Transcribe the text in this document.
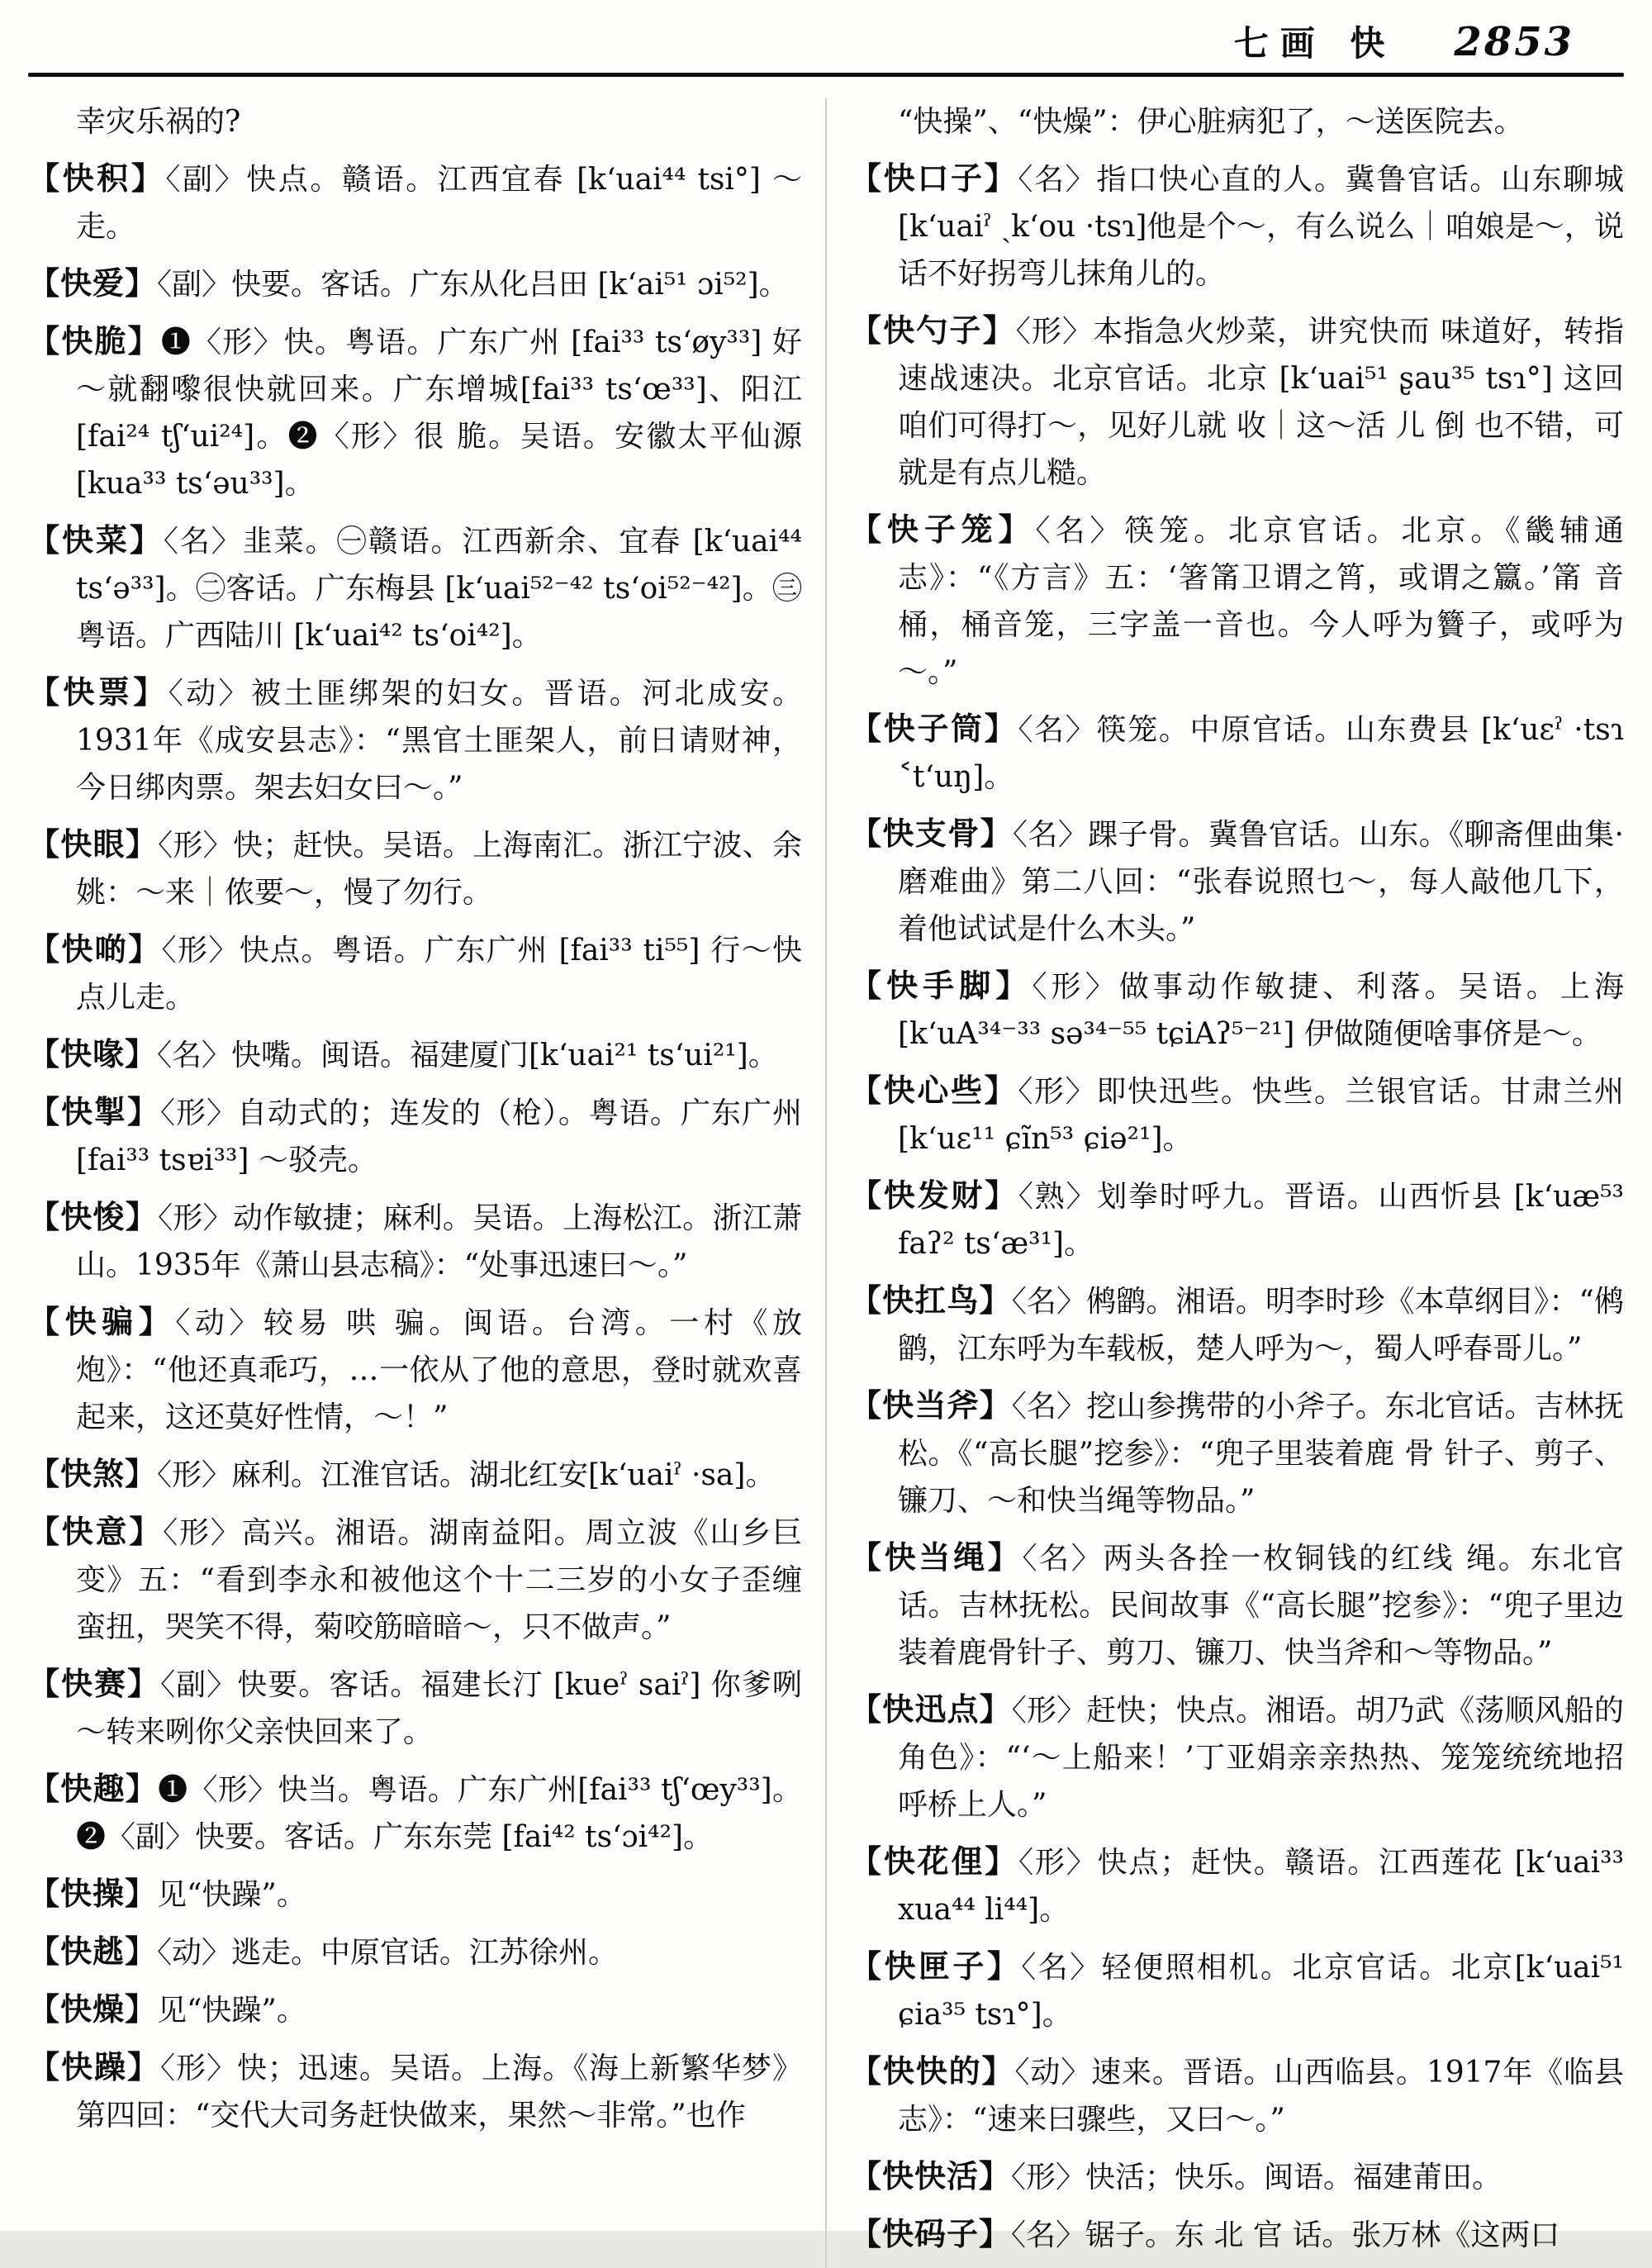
七画 快 2853
幸灾乐祸的?
【快积】〈副〉快点。赣语。江西宜春 [kʻuai⁴⁴ tsi°] ～走。
【快爱】〈副〉快要。客话。广东从化吕田 [kʻai⁵¹ ɔi⁵²]。
【快脆】❶〈形〉快。粤语。广东广州 [fai³³ tsʻøy³³] 好～就翻嚟很快就回来。广东增城[fai³³ tsʻœ³³]、阳江 [fai²⁴ tʃʻui²⁴]。❷〈形〉很 脆。吴语。安徽太平仙源 [kua³³ tsʻəu³³]。
【快菜】〈名〉韭菜。㊀赣语。江西新余、宜春 [kʻuai⁴⁴ tsʻə³³]。㊁客话。广东梅县 [kʻuai⁵²⁻⁴² tsʻoi⁵²⁻⁴²]。㊂粤语。广西陆川 [kʻuai⁴² tsʻoi⁴²]。
【快票】〈动〉被土匪绑架的妇女。晋语。河北成安。1931年《成安县志》：“黑官土匪架人，前日请财神，今日绑肉票。架去妇女曰～。”
【快眼】〈形〉快；赶快。吴语。上海南汇。浙江宁波、余姚：～来｜侬要～，慢了勿行。
【快啲】〈形〉快点。粤语。广东广州 [fai³³ ti⁵⁵] 行～快点儿走。
【快喙】〈名〉快嘴。闽语。福建厦门[kʻuai²¹ tsʻui²¹]。
【快掣】〈形〉自动式的；连发的（枪）。粤语。广东广州 [fai³³ tsɐi³³] ～驳壳。
【快悛】〈形〉动作敏捷；麻利。吴语。上海松江。浙江萧山。1935年《萧山县志稿》：“处事迅速曰～。”
【快骗】〈动〉较易 哄 骗。闽语。台湾。一村《放炮》：“他还真乖巧，…一依从了他的意思，登时就欢喜起来，这还莫好性情，～！”
【快煞】〈形〉麻利。江淮官话。湖北红安[kʻuaiˀ ·sa]。
【快意】〈形〉高兴。湘语。湖南益阳。周立波《山乡巨变》五：“看到李永和被他这个十二三岁的小女子歪缠蛮扭，哭笑不得，菊咬筋暗暗～，只不做声。”
【快赛】〈副〉快要。客话。福建长汀 [kueˀ saiˀ] 你爹咧～转来咧你父亲快回来了。
【快趣】❶〈形〉快当。粤语。广东广州[fai³³ tʃʻœy³³]。❷〈副〉快要。客话。广东东莞 [fai⁴² tsʻɔi⁴²]。
【快操】见“快躁”。
【快趒】〈动〉逃走。中原官话。江苏徐州。
【快燥】见“快躁”。
【快躁】〈形〉快；迅速。吴语。上海。《海上新繁华梦》第四回：“交代大司务赶快做来，果然～非常。”也作
“快操”、“快燥”：伊心脏病犯了，～送医院去。
【快口子】〈名〉指口快心直的人。冀鲁官话。山东聊城[kʻuaiˀ ˎkʻou ·tsɿ]他是个～，有么说么｜咱娘是～，说话不好拐弯儿抹角儿的。
【快勺子】〈形〉本指急火炒菜，讲究快而 味道好，转指速战速决。北京官话。北京 [kʻuai⁵¹ ʂau³⁵ tsɿ°] 这回咱们可得打～，见好儿就 收｜这～活 儿 倒 也不错，可就是有点儿糙。
【快子笼】〈名〉筷笼。北京官话。北京。《畿辅通志》：“《方言》五：‘箸筩卫谓之筲，或谓之籝。’筩 音 桶，桶音笼，三字盖一音也。今人呼为籫子，或呼为～。”
【快子筒】〈名〉筷笼。中原官话。山东费县 [kʻuɛˀ ·tsɿ ˂tʻuŋ]。
【快支骨】〈名〉踝子骨。冀鲁官话。山东。《聊斋俚曲集·磨难曲》第二八回：“张春说照乜～，每人敲他几下，着他试试是什么木头。”
【快手脚】〈形〉做事动作敏捷、利落。吴语。上海 [kʻuA³⁴⁻³³ sə³⁴⁻⁵⁵ tɕiAʔ⁵⁻²¹] 伊做随便啥事侪是～。
【快心些】〈形〉即快迅些。快些。兰银官话。甘肃兰州 [kʻuɛ¹¹ ɕĩn⁵³ ɕiə²¹]。
【快发财】〈熟〉划拳时呼九。晋语。山西忻县 [kʻuæ⁵³ faʔ² tsʻæ³¹]。
【快扛鸟】〈名〉鸺鹠。湘语。明李时珍《本草纲目》：“鸺鹠，江东呼为车载板，楚人呼为～，蜀人呼春哥儿。”
【快当斧】〈名〉挖山参携带的小斧子。东北官话。吉林抚松。《“高长腿”挖参》：“兜子里装着鹿 骨 针子、剪子、镰刀、～和快当绳等物品。”
【快当绳】〈名〉两头各拴一枚铜钱的红线 绳。东北官话。吉林抚松。民间故事《“高长腿”挖参》：“兜子里边装着鹿骨针子、剪刀、镰刀、快当斧和～等物品。”
【快迅点】〈形〉赶快；快点。湘语。胡乃武《荡顺风船的角色》：“‘～上船来！’丁亚娟亲亲热热、笼笼统统地招呼桥上人。”
【快花俚】〈形〉快点；赶快。赣语。江西莲花 [kʻuai³³ xua⁴⁴ li⁴⁴]。
【快匣子】〈名〉轻便照相机。北京官话。北京[kʻuai⁵¹ ɕia³⁵ tsɿ°]。
【快快的】〈动〉速来。晋语。山西临县。1917年《临县志》：“速来曰骤些，又曰～。”
【快快活】〈形〉快活；快乐。闽语。福建莆田。
【快码子】〈名〉锯子。东 北 官 话。张万林《这两口
